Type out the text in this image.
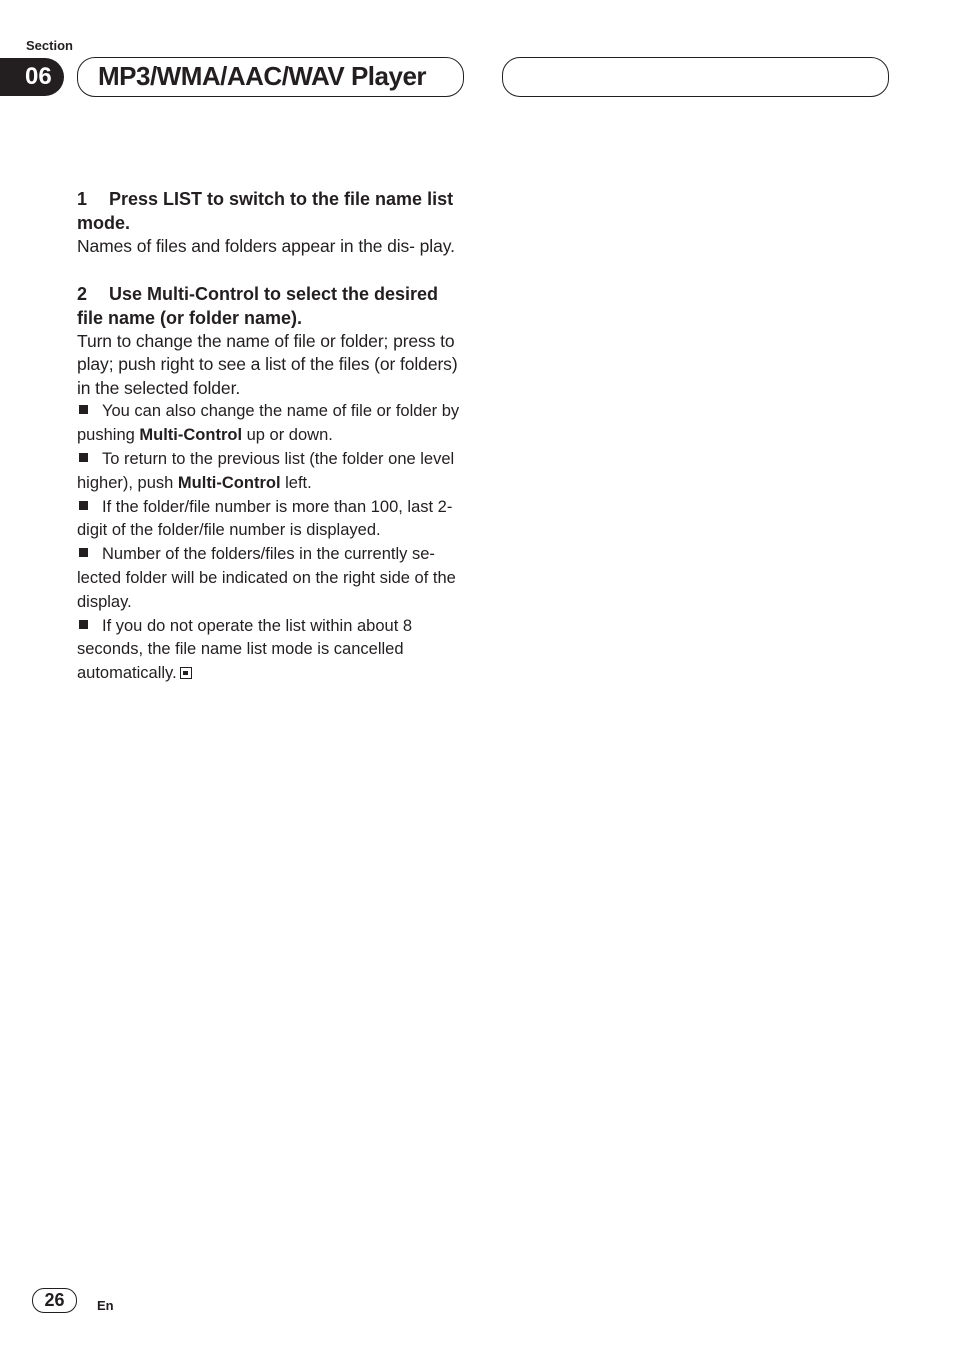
Section
06	MP3/WMA/AAC/WAV Player

1 Press LIST to switch to the file name list mode.

Names of files and folders appear in the dis- play.

2 Use Multi-Control to select the desired file name (or folder name).

Turn to change the name of file or folder; press to play; push right to see a list of the files (or folders) in the selected folder.

You can also change the name of file or folder by pushing Multi-Control up or down.

To return to the previous list (the folder one level higher), push Multi-Control left.

If the folder/file number is more than 100, last 2-digit of the folder/file number is displayed.

Number of the folders/files in the currently se- lected folder will be indicated on the right side of the display.

If you do not operate the list within about 8 seconds, the file name list mode is cancelled automatically.

26	En
